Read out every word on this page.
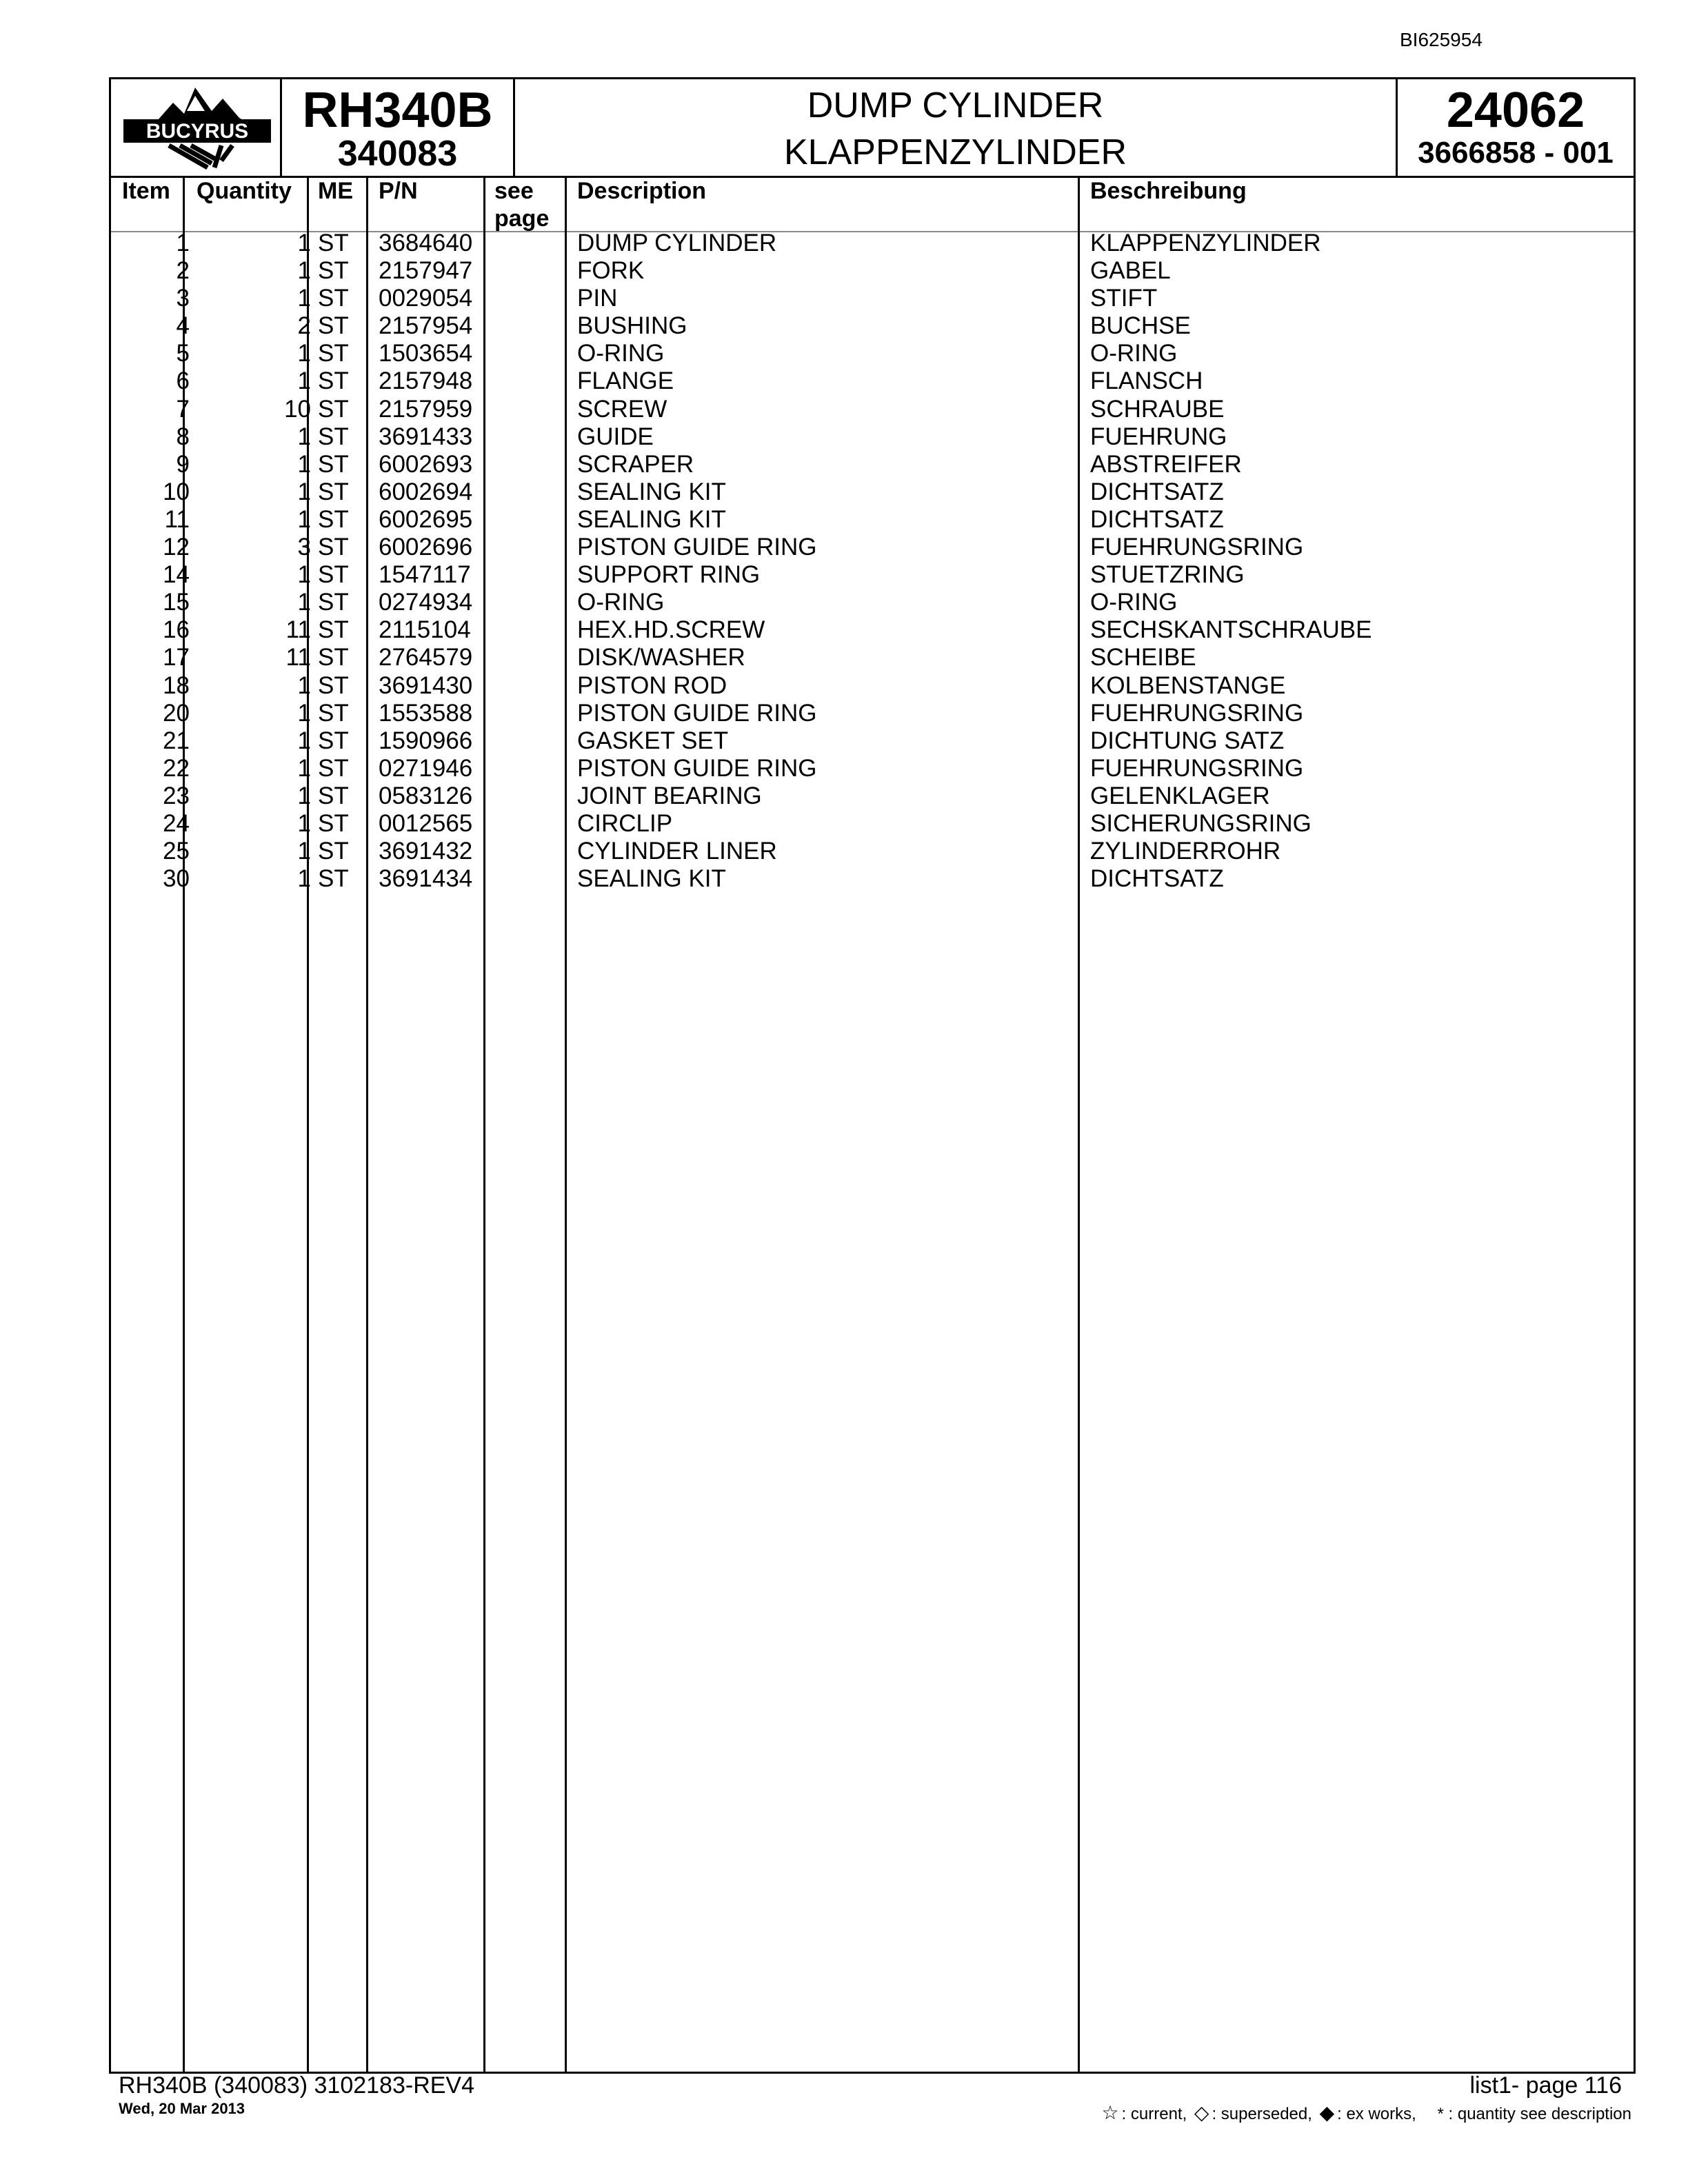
BI625954
BUCYRUS	RH340B
340083
DUMP CYLINDER
KLAPPENZYLINDER
24062
3666858 - 001
Item Quantity ME P/N	see
page
Description	Beschreibung
1	1 ST 3684640	DUMP CYLINDER	KLAPPENZYLINDER
2	1 ST 2157947	FORK	GABEL
3	1 ST 0029054	PIN	STIFT
4	2 ST 2157954	BUSHING	BUCHSE
5	1 ST 1503654	O-RING	O-RING
6	1 ST 2157948	FLANGE	FLANSCH
7	10 ST 2157959	SCREW	SCHRAUBE
8	1 ST 3691433	GUIDE	FUEHRUNG
9	1 ST 6002693	SCRAPER	ABSTREIFER
10	1 ST 6002694	SEALING KIT	DICHTSATZ
11	1 ST 6002695	SEALING KIT	DICHTSATZ
12	3 ST 6002696	PISTON GUIDE RING	FUEHRUNGSRING
14	1 ST 1547117	SUPPORT RING	STUETZRING
15	1 ST 0274934	O-RING	O-RING
16	11 ST 2115104	HEX.HD.SCREW	SECHSKANTSCHRAUBE
17	11 ST 2764579	DISK/WASHER	SCHEIBE
18	1 ST 3691430	PISTON ROD	KOLBENSTANGE
20	1 ST 1553588	PISTON GUIDE RING	FUEHRUNGSRING
21	1 ST 1590966	GASKET SET	DICHTUNG SATZ
22	1 ST 0271946	PISTON GUIDE RING	FUEHRUNGSRING
23	1 ST 0583126	JOINT BEARING	GELENKLAGER
24	1 ST 0012565	CIRCLIP	SICHERUNGSRING
25	1 ST 3691432	CYLINDER LINER	ZYLINDERROHR
30	1 ST 3691434	SEALING KIT	DICHTSATZ
RH340B (340083) 3102183-REV4
Wed, 20 Mar 2013
list1- page 116
☆ : current, ◇ : superseded, ◆ : ex works, * : quantity see description
